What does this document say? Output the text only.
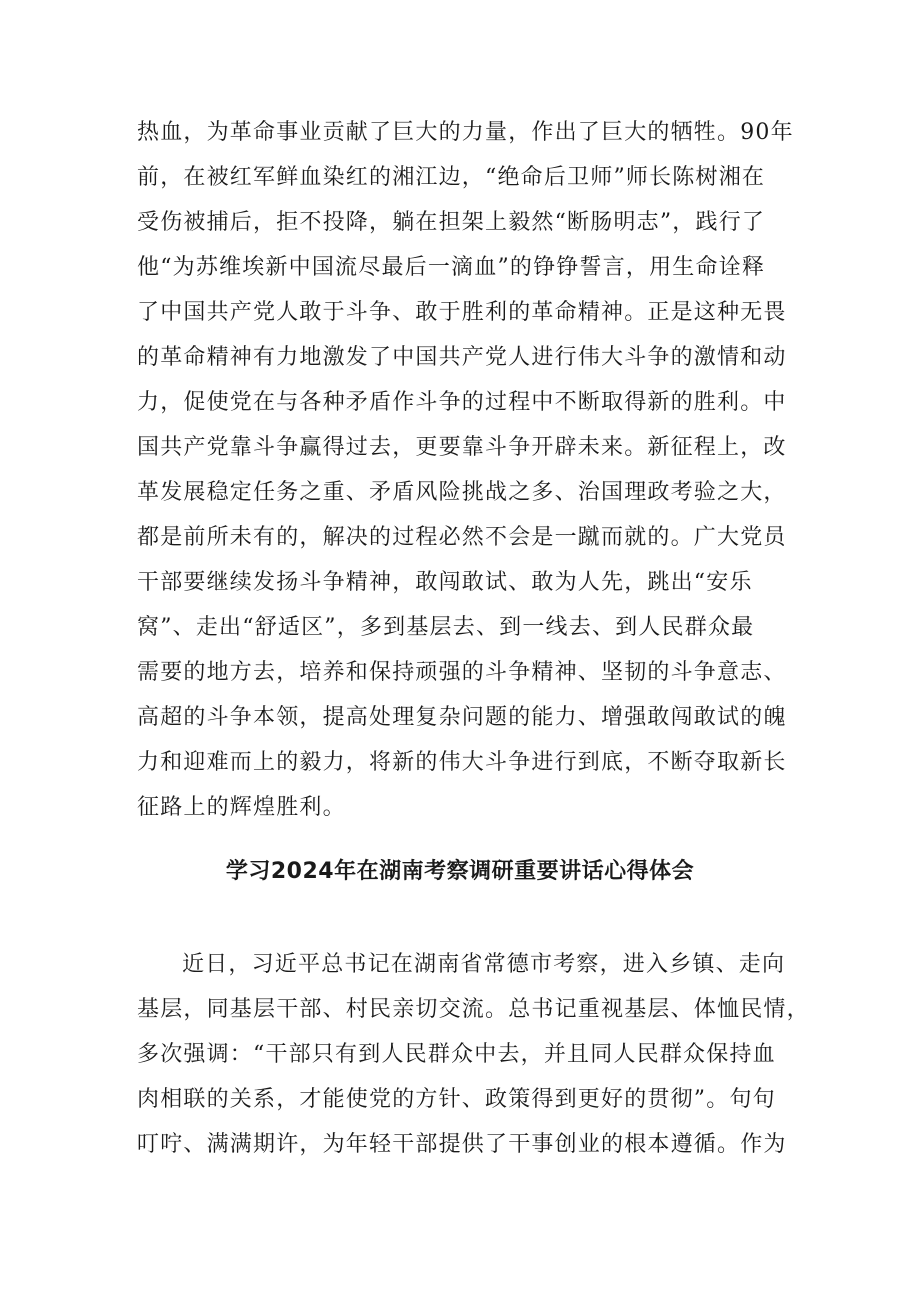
热血，为革命事业贡献了巨大的力量，作出了巨大的牺牲。90年
前，在被红军鲜血染红的湘江边，“绝命后卫师”师长陈树湘在
受伤被捕后，拒不投降，躺在担架上毅然“断肠明志”，践行了
他“为苏维埃新中国流尽最后一滴血”的铮铮誓言，用生命诠释
了中国共产党人敢于斗争、敢于胜利的革命精神。正是这种无畏
的革命精神有力地激发了中国共产党人进行伟大斗争的激情和动
力，促使党在与各种矛盾作斗争的过程中不断取得新的胜利。中
国共产党靠斗争赢得过去，更要靠斗争开辟未来。新征程上，改
革发展稳定任务之重、矛盾风险挑战之多、治国理政考验之大，
都是前所未有的，解决的过程必然不会是一蹴而就的。广大党员
干部要继续发扬斗争精神，敢闯敢试、敢为人先，跳出“安乐
窝”、走出“舒适区”，多到基层去、到一线去、到人民群众最
需要的地方去，培养和保持顽强的斗争精神、坚韧的斗争意志、
高超的斗争本领，提高处理复杂问题的能力、增强敢闯敢试的魄
力和迎难而上的毅力，将新的伟大斗争进行到底，不断夺取新长
征路上的辉煌胜利。
学习2024年在湖南考察调研重要讲话心得体会
近日，习近平总书记在湖南省常德市考察，进入乡镇、走向
基层，同基层干部、村民亲切交流。总书记重视基层、体恤民情，
多次强调：“干部只有到人民群众中去，并且同人民群众保持血
肉相联的关系，才能使党的方针、政策得到更好的贯彻”。句句
叮咛、满满期许，为年轻干部提供了干事创业的根本遵循。作为
